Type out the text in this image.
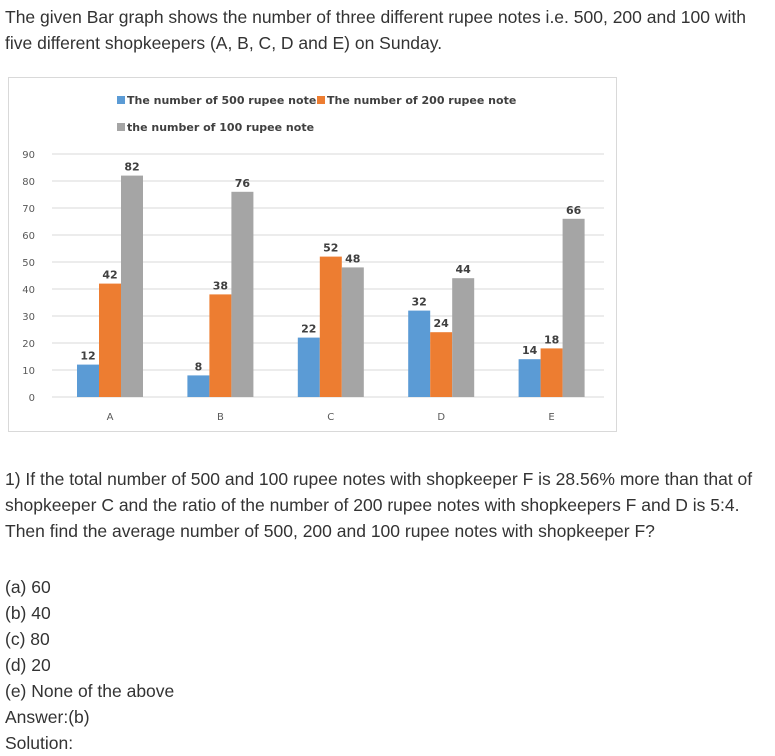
The given Bar graph shows the number of three different rupee notes i.e. 500, 200 and 100 with five different shopkeepers (A, B, C, D and E) on Sunday.

0
10
20
30
40
50
60
70
80
90
12
42
82
A
8
38
76
B
22
52
48
C
32
24
44
D
14
18
66
E
The number of 500 rupee note The number of 200 rupee note
the number of 100 rupee note

1) If the total number of 500 and 100 rupee notes with shopkeeper F is 28.56% more than that of shopkeeper C and the ratio of the number of 200 rupee notes with shopkeepers F and D is 5:4. Then find the average number of 500, 200 and 100 rupee notes with shopkeeper F?

(a) 60

(b) 40

(c) 80

(d) 20

(e) None of the above

Answer:(b)

Solution:
